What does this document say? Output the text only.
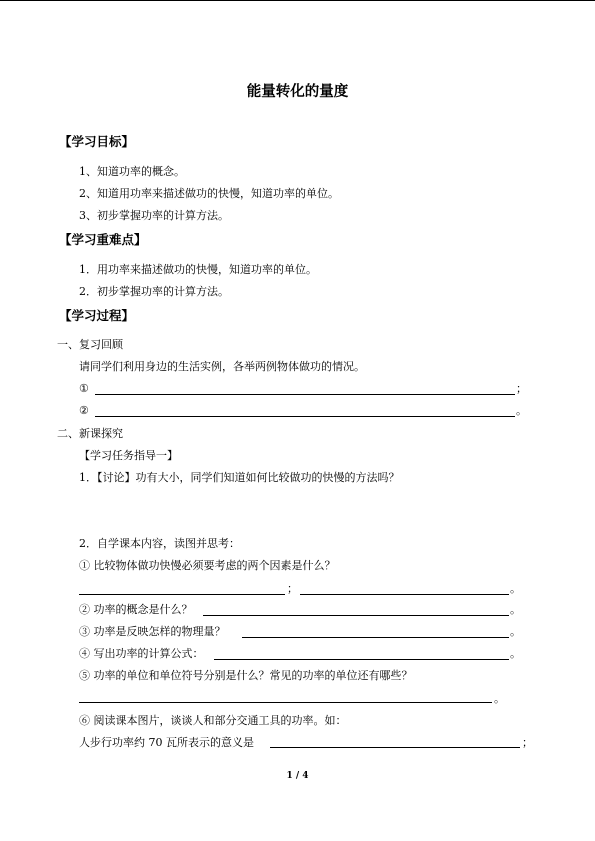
能量转化的量度
【学习目标】
1、知道功率的概念。
2、知道用功率来描述做功的快慢，知道功率的单位。
3、初步掌握功率的计算方法。
【学习重难点】
1．用功率来描述做功的快慢，知道功率的单位。
2．初步掌握功率的计算方法。
【学习过程】
一、复习回顾
请同学们利用身边的生活实例，各举两例物体做功的情况。
①	；
②	。
二、新课探究
【学习任务指导一】
1．【讨论】功有大小，同学们知道如何比较做功的快慢的方法吗？
2．自学课本内容，读图并思考：
① 比较物体做功快慢必须要考虑的两个因素是什么？
；	。
② 功率的概念是什么？	。
③ 功率是反映怎样的物理量？	。
④ 写出功率的计算公式：	。
⑤ 功率的单位和单位符号分别是什么？常见的功率的单位还有哪些？
。
⑥ 阅读课本图片，谈谈人和部分交通工具的功率。如：
人步行功率约 70 瓦所表示的意义是	；
1 / 4
